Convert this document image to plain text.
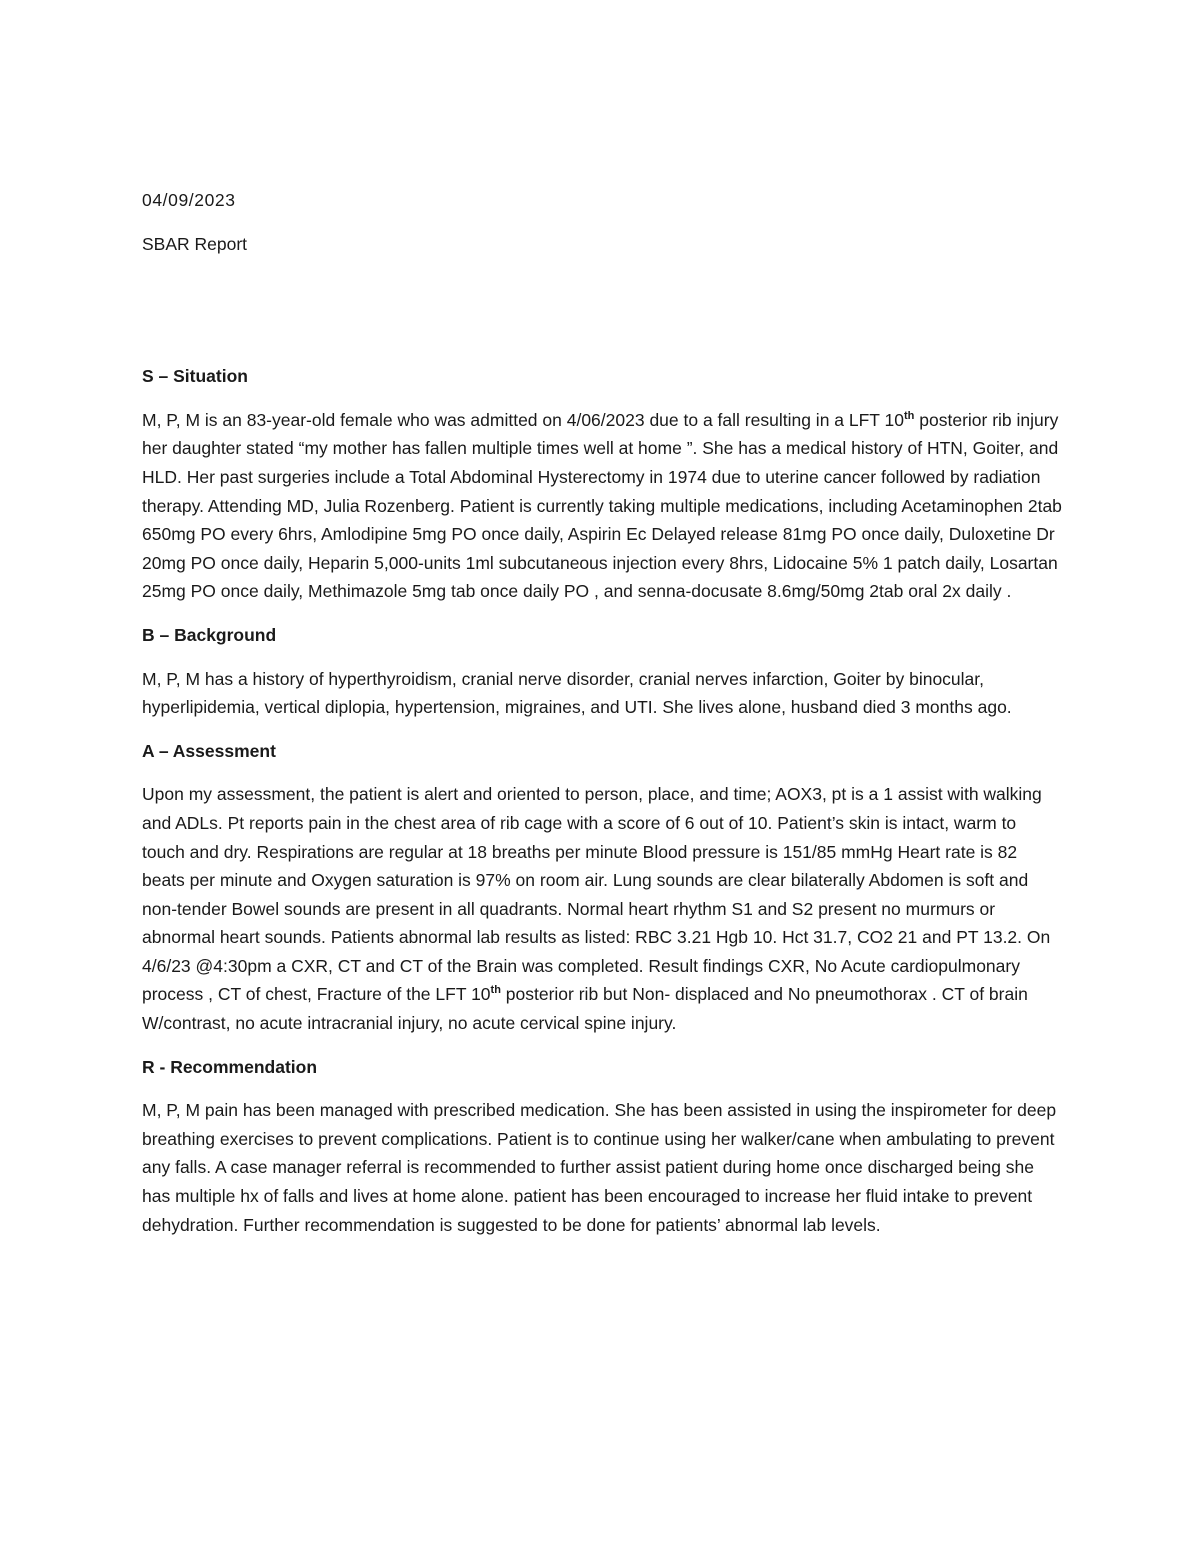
04/09/2023

SBAR Report

S – Situation

M, P, M is an 83-year-old female who was admitted on 4/06/2023 due to a fall resulting in a LFT 10th posterior rib injury her daughter stated “my mother has fallen multiple times well at home ”. She has a medical history of HTN, Goiter, and HLD. Her past surgeries include a Total Abdominal Hysterectomy in 1974 due to uterine cancer followed by radiation therapy. Attending MD, Julia Rozenberg. Patient is currently taking multiple medications, including Acetaminophen 2tab 650mg PO every 6hrs, Amlodipine 5mg PO once daily, Aspirin Ec Delayed release 81mg PO once daily, Duloxetine Dr 20mg PO once daily, Heparin 5,000-units 1ml subcutaneous injection every 8hrs, Lidocaine 5% 1 patch daily, Losartan 25mg PO once daily, Methimazole 5mg tab once daily PO , and senna-docusate 8.6mg/50mg 2tab oral 2x daily .

B – Background

M, P, M has a history of hyperthyroidism, cranial nerve disorder, cranial nerves infarction, Goiter by binocular, hyperlipidemia, vertical diplopia, hypertension, migraines, and UTI. She lives alone, husband died 3 months ago.

A – Assessment

Upon my assessment, the patient is alert and oriented to person, place, and time; AOX3, pt is a 1 assist with walking and ADLs. Pt reports pain in the chest area of rib cage with a score of 6 out of 10. Patient’s skin is intact, warm to touch and dry. Respirations are regular at 18 breaths per minute Blood pressure is 151/85 mmHg Heart rate is 82 beats per minute and Oxygen saturation is 97% on room air. Lung sounds are clear bilaterally Abdomen is soft and non-tender Bowel sounds are present in all quadrants. Normal heart rhythm S1 and S2 present no murmurs or abnormal heart sounds. Patients abnormal lab results as listed: RBC 3.21 Hgb 10. Hct 31.7, CO2 21 and PT 13.2. On 4/6/23 @4:30pm a CXR, CT and CT of the Brain was completed. Result findings CXR, No Acute cardiopulmonary process , CT of chest, Fracture of the LFT 10th posterior rib but Non- displaced and No pneumothorax . CT of brain W/contrast, no acute intracranial injury, no acute cervical spine injury.

R - Recommendation

M, P, M pain has been managed with prescribed medication. She has been assisted in using the inspirometer for deep breathing exercises to prevent complications. Patient is to continue using her walker/cane when ambulating to prevent any falls. A case manager referral is recommended to further assist patient during home once discharged being she has multiple hx of falls and lives at home alone. patient has been encouraged to increase her fluid intake to prevent dehydration. Further recommendation is suggested to be done for patients’ abnormal lab levels.
